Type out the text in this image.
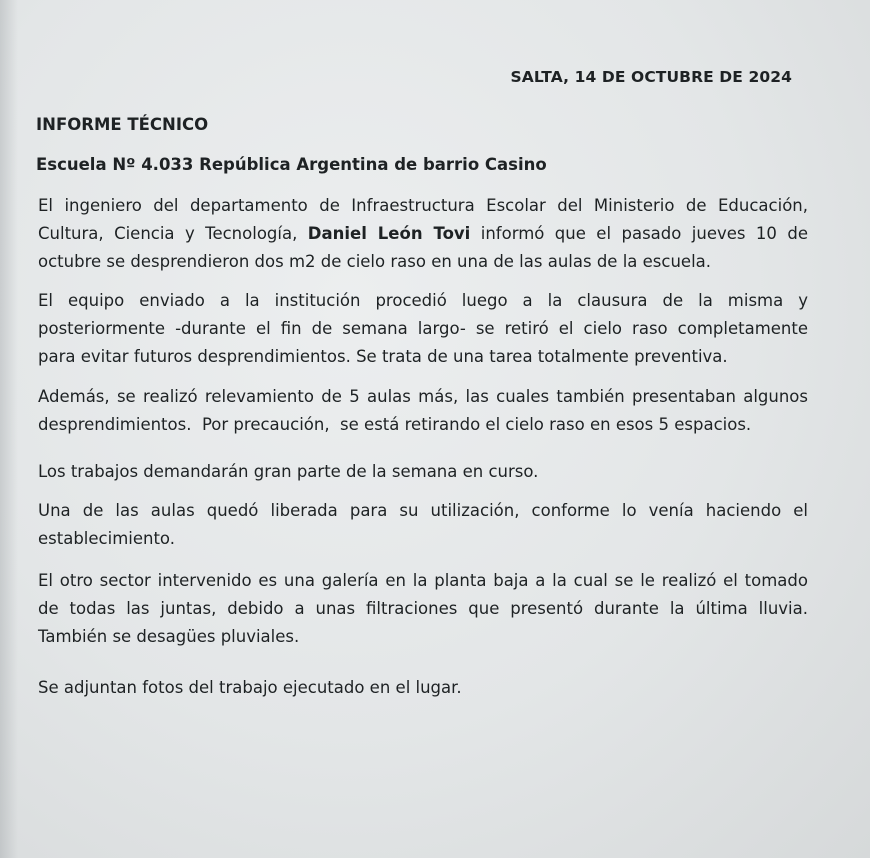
SALTA, 14 DE OCTUBRE DE 2024
INFORME TÉCNICO
Escuela Nº 4.033 República Argentina de barrio Casino
El ingeniero del departamento de Infraestructura Escolar del Ministerio de Educación,
Cultura, Ciencia y Tecnología, Daniel León Tovi informó que el pasado jueves 10 de
octubre se desprendieron dos m2 de cielo raso en una de las aulas de la escuela.
El equipo enviado a la institución procedió luego a la clausura de la misma y
posteriormente -durante el fin de semana largo- se retiró el cielo raso completamente
para evitar futuros desprendimientos. Se trata de una tarea totalmente preventiva.
Además, se realizó relevamiento de 5 aulas más, las cuales también presentaban algunos
desprendimientos.  Por precaución,  se está retirando el cielo raso en esos 5 espacios.
Los trabajos demandarán gran parte de la semana en curso.
Una de las aulas quedó liberada para su utilización, conforme lo venía haciendo el
establecimiento.
El otro sector intervenido es una galería en la planta baja a la cual se le realizó el tomado
de todas las juntas, debido a unas filtraciones que presentó durante la última lluvia.
También se desagües pluviales.
Se adjuntan fotos del trabajo ejecutado en el lugar.
